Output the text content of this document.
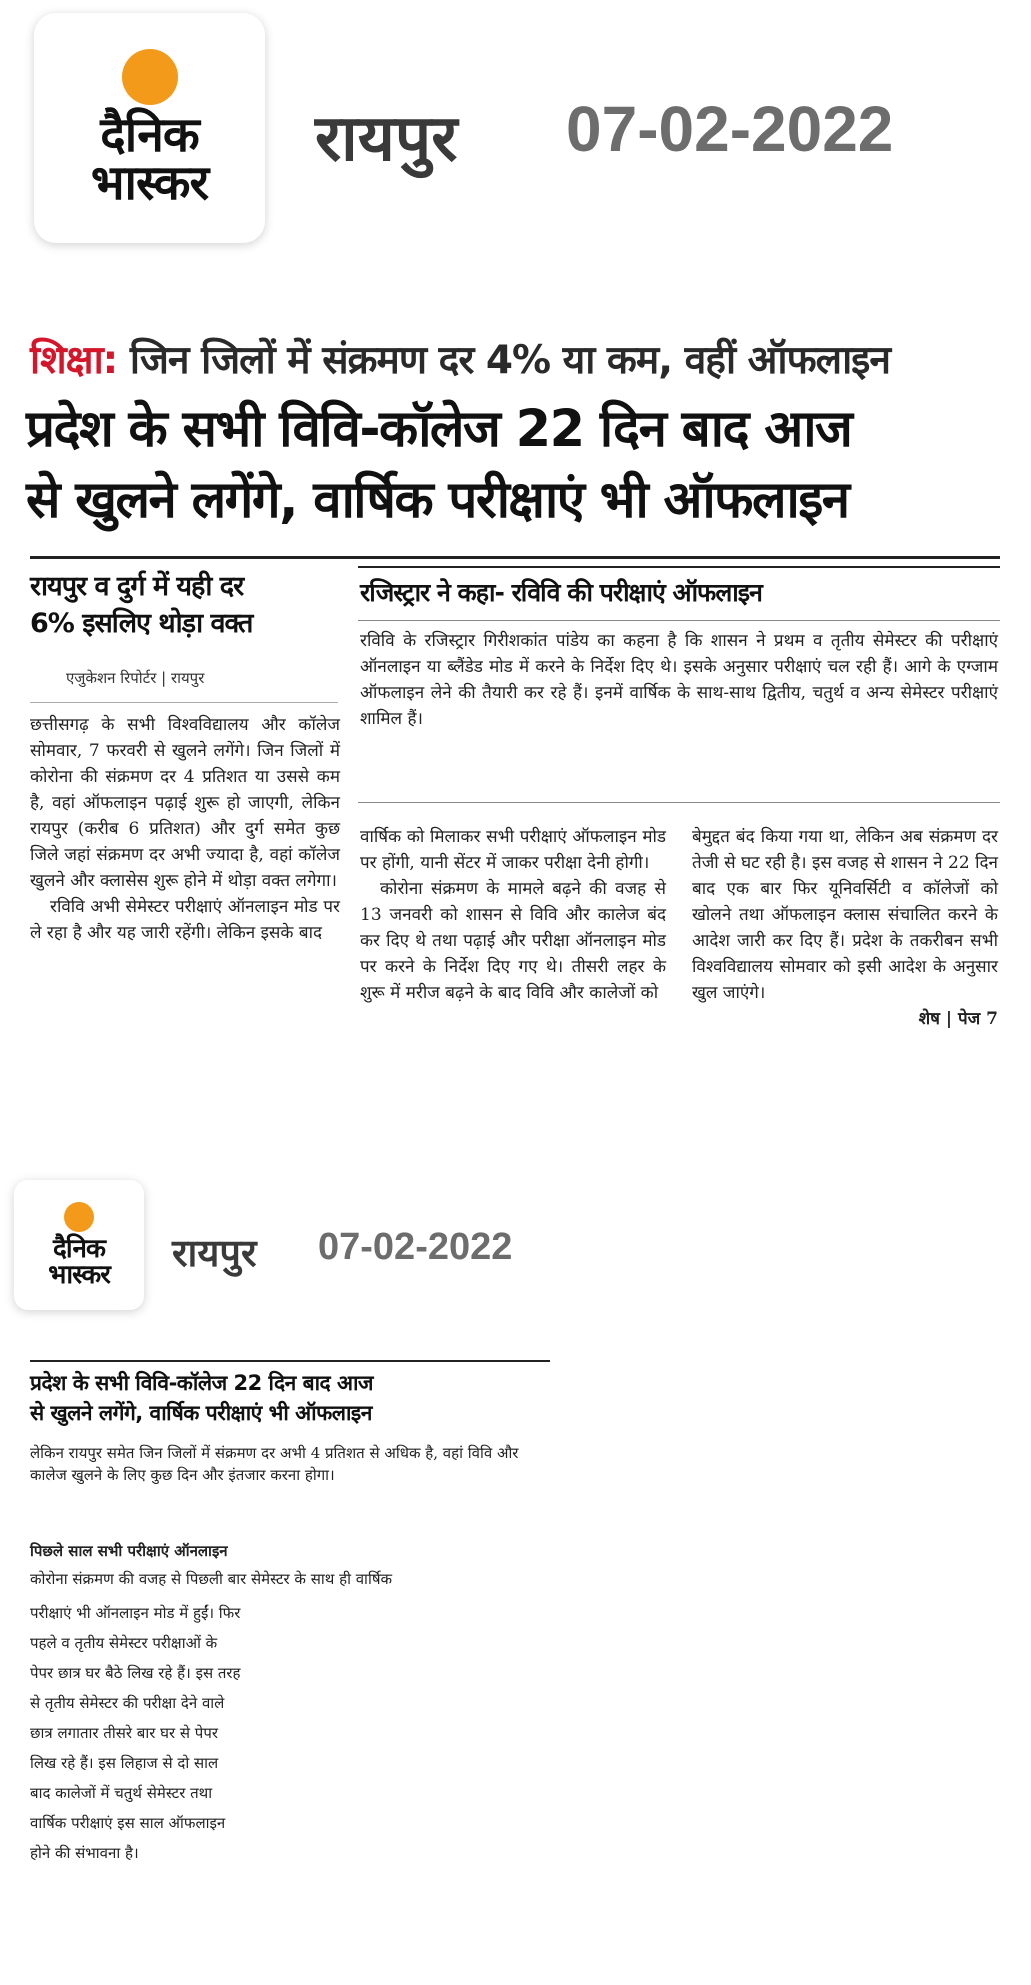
दैनिक
भास्कर
रायपुर 07-02-2022
शिक्षा: जिन जिलों में संक्रमण दर 4% या कम, वहीं ऑफलाइन
प्रदेश के सभी विवि-कॉलेज 22 दिन बाद आज
से खुलने लगेंगे, वार्षिक परीक्षाएं भी ऑफलाइन
रायपुर व दुर्ग में यही दर
6% इसलिए थोड़ा वक्त
एजुकेशन रिपोर्टर | रायपुर
रजिस्ट्रार ने कहा- रविवि की परीक्षाएं ऑफलाइन
रविवि के रजिस्ट्रार गिरीशकांत पांडेय का कहना है कि शासन ने प्रथम व तृतीय सेमेस्टर की परीक्षाएं ऑनलाइन या ब्लैंडेड मोड में करने के निर्देश दिए थे। इसके अनुसार परीक्षाएं चल रही हैं। आगे के एग्जाम ऑफलाइन लेने की तैयारी कर रहे हैं। इनमें वार्षिक के साथ-साथ द्वितीय, चतुर्थ व अन्य सेमेस्टर परीक्षाएं शामिल हैं।

छत्तीसगढ़ के सभी विश्वविद्यालय और कॉलेज सोमवार, 7 फरवरी से खुलने लगेंगे। जिन जिलों में कोरोना की संक्रमण दर 4 प्रतिशत या उससे कम है, वहां ऑफलाइन पढ़ाई शुरू हो जाएगी, लेकिन रायपुर (करीब 6 प्रतिशत) और दुर्ग समेत कुछ जिले जहां संक्रमण दर अभी ज्यादा है, वहां कॉलेज खुलने और क्लासेस शुरू होने में थोड़ा वक्त लगेगा।

रविवि अभी सेमेस्टर परीक्षाएं ऑनलाइन मोड पर ले रहा है और यह जारी रहेंगी। लेकिन इसके बाद

वार्षिक को मिलाकर सभी परीक्षाएं ऑफलाइन मोड पर होंगी, यानी सेंटर में जाकर परीक्षा देनी होगी।

कोरोना संक्रमण के मामले बढ़ने की वजह से 13 जनवरी को शासन से विवि और कालेज बंद कर दिए थे तथा पढ़ाई और परीक्षा ऑनलाइन मोड पर करने के निर्देश दिए गए थे। तीसरी लहर के शुरू में मरीज बढ़ने के बाद विवि और कालेजों को

बेमुद्दत बंद किया गया था, लेकिन अब संक्रमण दर तेजी से घट रही है। इस वजह से शासन ने 22 दिन बाद एक बार फिर यूनिवर्सिटी व कॉलेजों को खोलने तथा ऑफलाइन क्लास संचालित करने के आदेश जारी कर दिए हैं। प्रदेश के तकरीबन सभी विश्वविद्यालय सोमवार को इसी आदेश के अनुसार खुल जाएंगे।

शेष | पेज 7

दैनिक
भास्कर रायपुर 07-02-2022
प्रदेश के सभी विवि-कॉलेज 22 दिन बाद आज
से खुलने लगेंगे, वार्षिक परीक्षाएं भी ऑफलाइन
लेकिन रायपुर समेत जिन जिलों में संक्रमण दर अभी 4 प्रतिशत से अधिक है, वहां विवि और कालेज खुलने के लिए कुछ दिन और इंतजार करना होगा।
पिछले साल सभी परीक्षाएं ऑनलाइन
कोरोना संक्रमण की वजह से पिछली बार सेमेस्टर के साथ ही वार्षिक
परीक्षाएं भी ऑनलाइन मोड में हुईं। फिर पहले व तृतीय सेमेस्टर परीक्षाओं के पेपर छात्र घर बैठे लिख रहे हैं। इस तरह से तृतीय सेमेस्टर की परीक्षा देने वाले छात्र लगातार तीसरे बार घर से पेपर लिख रहे हैं। इस लिहाज से दो साल बाद कालेजों में चतुर्थ सेमेस्टर तथा वार्षिक परीक्षाएं इस साल ऑफलाइन होने की संभावना है।
